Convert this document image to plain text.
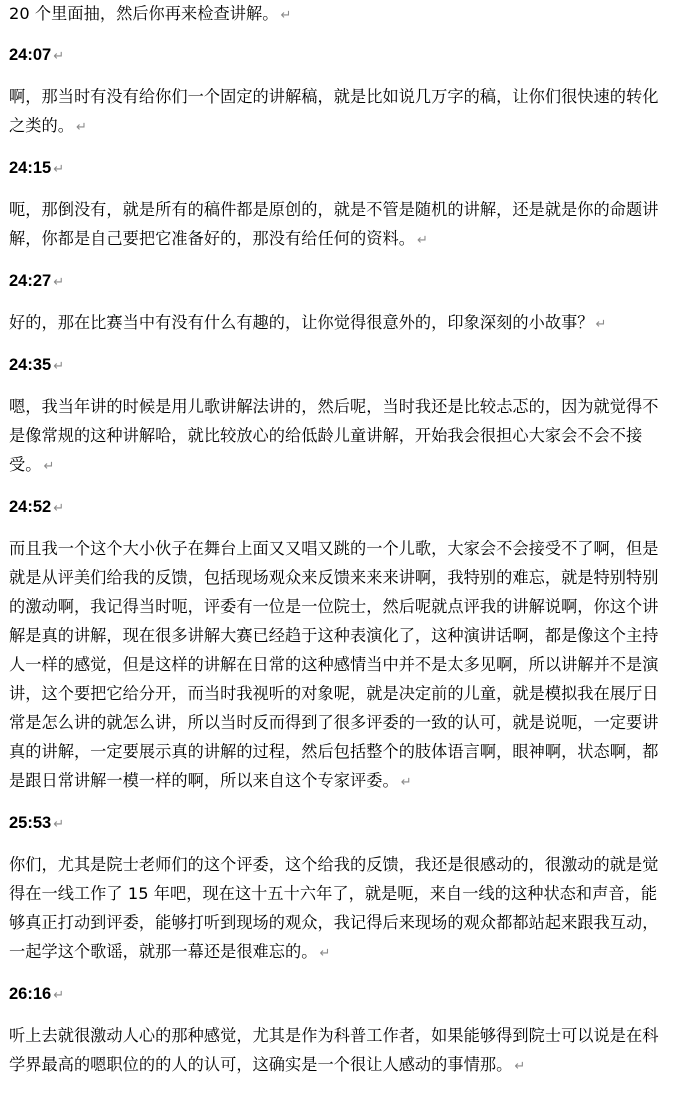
20 个里面抽，然后你再来检查讲解。 ↵

24:07 ↵

啊，那当时有没有给你们一个固定的讲解稿，就是比如说几万字的稿，让你们很快速的转化之类的。 ↵

24:15 ↵

呃，那倒没有，就是所有的稿件都是原创的，就是不管是随机的讲解，还是就是你的命题讲解，你都是自己要把它准备好的，那没有给任何的资料。 ↵

24:27 ↵

好的，那在比赛当中有没有什么有趣的，让你觉得很意外的，印象深刻的小故事？ ↵

24:35 ↵

嗯，我当年讲的时候是用儿歌讲解法讲的，然后呢，当时我还是比较忐忑的，因为就觉得不是像常规的这种讲解哈，就比较放心的给低龄儿童讲解，开始我会很担心大家会不会不接受。 ↵

24:52 ↵

而且我一个这个大小伙子在舞台上面又又唱又跳的一个儿歌，大家会不会接受不了啊，但是就是从评美们给我的反馈，包括现场观众来反馈来来来讲啊，我特别的难忘，就是特别特别的激动啊，我记得当时呃，评委有一位是一位院士，然后呢就点评我的讲解说啊，你这个讲解是真的讲解，现在很多讲解大赛已经趋于这种表演化了，这种演讲话啊，都是像这个主持人一样的感觉，但是这样的讲解在日常的这种感情当中并不是太多见啊，所以讲解并不是演讲，这个要把它给分开，而当时我视听的对象呢，就是决定前的儿童，就是模拟我在展厅日常是怎么讲的就怎么讲，所以当时反而得到了很多评委的一致的认可，就是说呃，一定要讲真的讲解，一定要展示真的讲解的过程，然后包括整个的肢体语言啊，眼神啊，状态啊，都是跟日常讲解一模一样的啊，所以来自这个专家评委。 ↵

25:53 ↵

你们，尤其是院士老师们的这个评委，这个给我的反馈，我还是很感动的，很激动的就是觉得在一线工作了 15 年吧，现在这十五十六年了，就是呃，来自一线的这种状态和声音，能够真正打动到评委，能够打听到现场的观众，我记得后来现场的观众都都站起来跟我互动，一起学这个歌谣，就那一幕还是很难忘的。 ↵

26:16 ↵

听上去就很激动人心的那种感觉，尤其是作为科普工作者，如果能够得到院士可以说是在科学界最高的嗯职位的的人的认可，这确实是一个很让人感动的事情那。 ↵
